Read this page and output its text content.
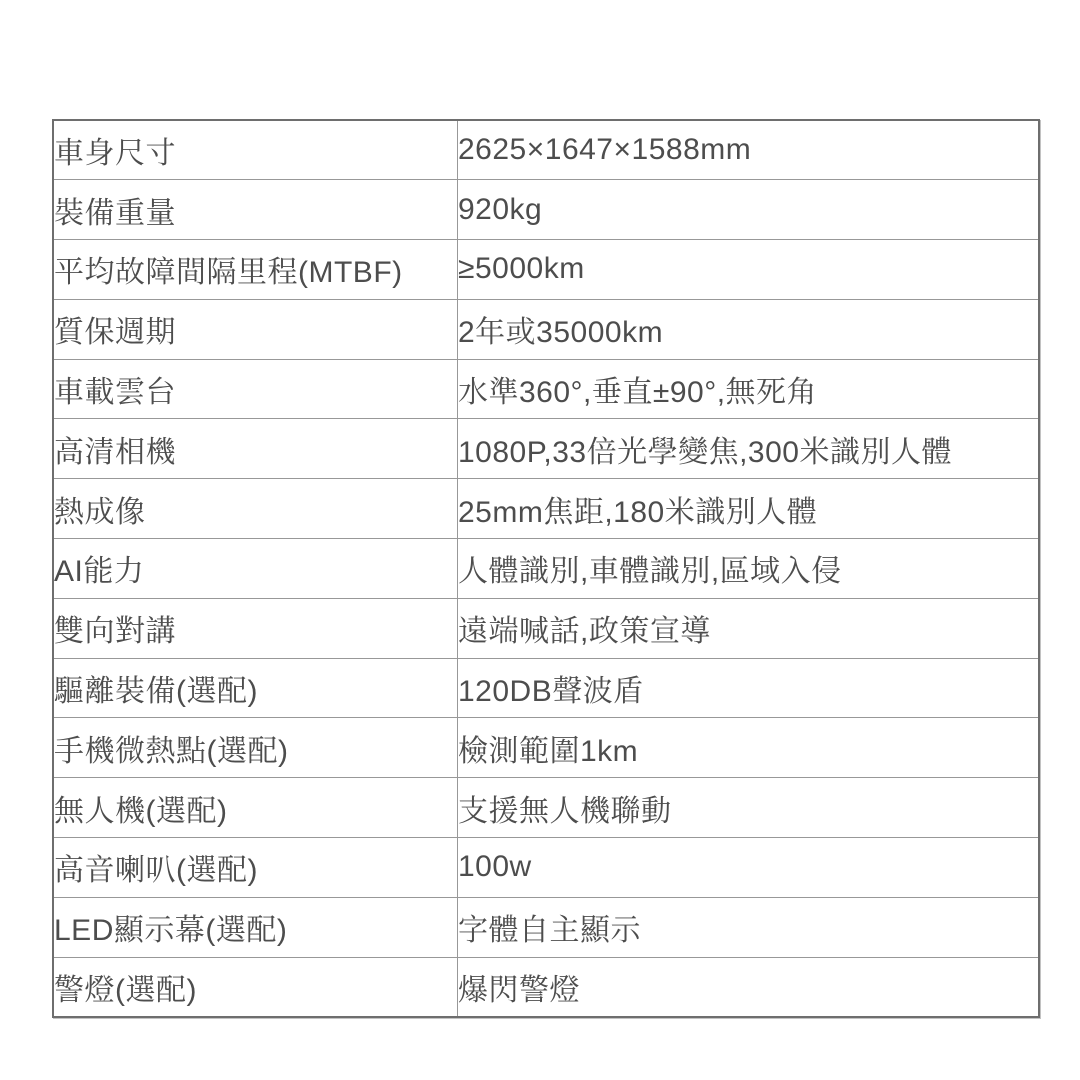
車身尺寸	2625×1647×1588mm
裝備重量	920kg
平均故障間隔里程(MTBF)	≥5000km
質保週期	2年或35000km
車載雲台	水準360°,垂直±90°,無死角
高清相機	1080P,33倍光學變焦,300米識別人體
熱成像	25mm焦距,180米識別人體
AI能力	人體識別,車體識別,區域入侵
雙向對講	遠端喊話,政策宣導
驅離裝備(選配)	120DB聲波盾
手機微熱點(選配)	檢測範圍1km
無人機(選配)	支援無人機聯動
高音喇叭(選配)	100w
LED顯示幕(選配)	字體自主顯示
警燈(選配)	爆閃警燈
